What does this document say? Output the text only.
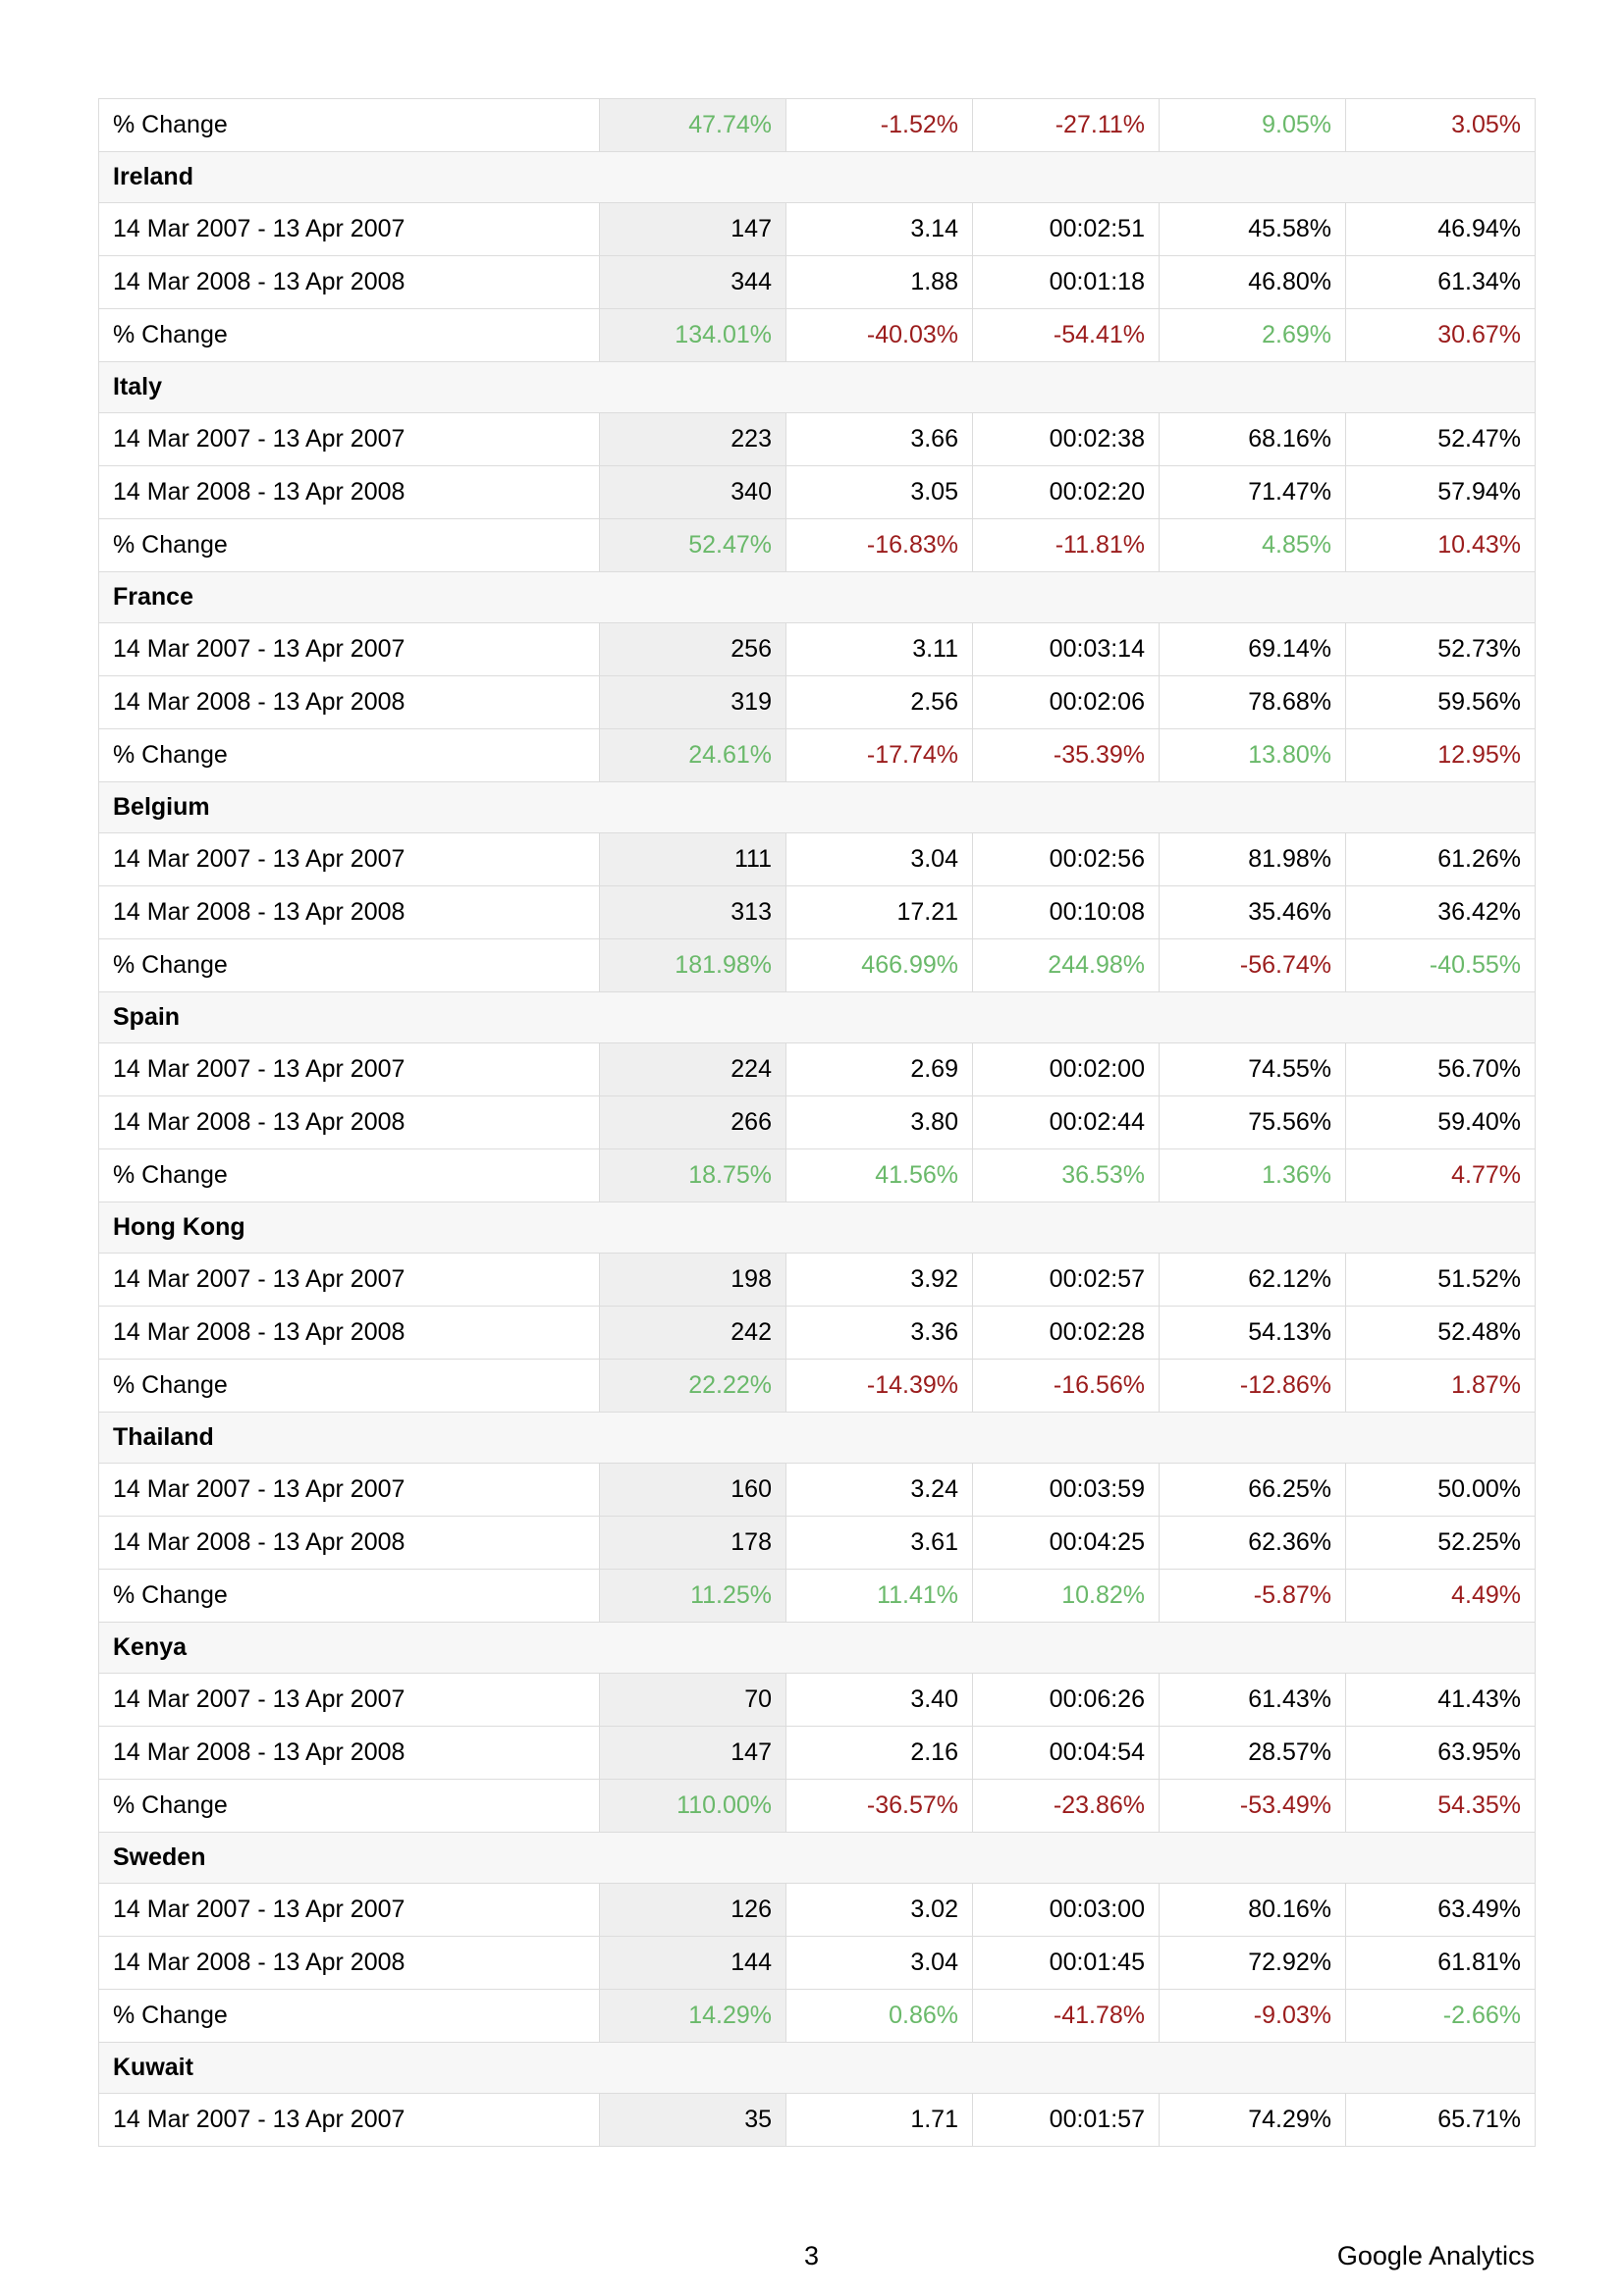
% Change	47.74%	-1.52%	-27.11%	9.05%	3.05%
Ireland					
14 Mar 2007 - 13 Apr 2007	147	3.14	00:02:51	45.58%	46.94%
14 Mar 2008 - 13 Apr 2008	344	1.88	00:01:18	46.80%	61.34%
% Change	134.01%	-40.03%	-54.41%	2.69%	30.67%
Italy					
14 Mar 2007 - 13 Apr 2007	223	3.66	00:02:38	68.16%	52.47%
14 Mar 2008 - 13 Apr 2008	340	3.05	00:02:20	71.47%	57.94%
% Change	52.47%	-16.83%	-11.81%	4.85%	10.43%
France					
14 Mar 2007 - 13 Apr 2007	256	3.11	00:03:14	69.14%	52.73%
14 Mar 2008 - 13 Apr 2008	319	2.56	00:02:06	78.68%	59.56%
% Change	24.61%	-17.74%	-35.39%	13.80%	12.95%
Belgium					
14 Mar 2007 - 13 Apr 2007	111	3.04	00:02:56	81.98%	61.26%
14 Mar 2008 - 13 Apr 2008	313	17.21	00:10:08	35.46%	36.42%
% Change	181.98%	466.99%	244.98%	-56.74%	-40.55%
Spain					
14 Mar 2007 - 13 Apr 2007	224	2.69	00:02:00	74.55%	56.70%
14 Mar 2008 - 13 Apr 2008	266	3.80	00:02:44	75.56%	59.40%
% Change	18.75%	41.56%	36.53%	1.36%	4.77%
Hong Kong					
14 Mar 2007 - 13 Apr 2007	198	3.92	00:02:57	62.12%	51.52%
14 Mar 2008 - 13 Apr 2008	242	3.36	00:02:28	54.13%	52.48%
% Change	22.22%	-14.39%	-16.56%	-12.86%	1.87%
Thailand					
14 Mar 2007 - 13 Apr 2007	160	3.24	00:03:59	66.25%	50.00%
14 Mar 2008 - 13 Apr 2008	178	3.61	00:04:25	62.36%	52.25%
% Change	11.25%	11.41%	10.82%	-5.87%	4.49%
Kenya					
14 Mar 2007 - 13 Apr 2007	70	3.40	00:06:26	61.43%	41.43%
14 Mar 2008 - 13 Apr 2008	147	2.16	00:04:54	28.57%	63.95%
% Change	110.00%	-36.57%	-23.86%	-53.49%	54.35%
Sweden					
14 Mar 2007 - 13 Apr 2007	126	3.02	00:03:00	80.16%	63.49%
14 Mar 2008 - 13 Apr 2008	144	3.04	00:01:45	72.92%	61.81%
% Change	14.29%	0.86%	-41.78%	-9.03%	-2.66%
Kuwait					
14 Mar 2007 - 13 Apr 2007	35	1.71	00:01:57	74.29%	65.71%
3	Google Analytics
